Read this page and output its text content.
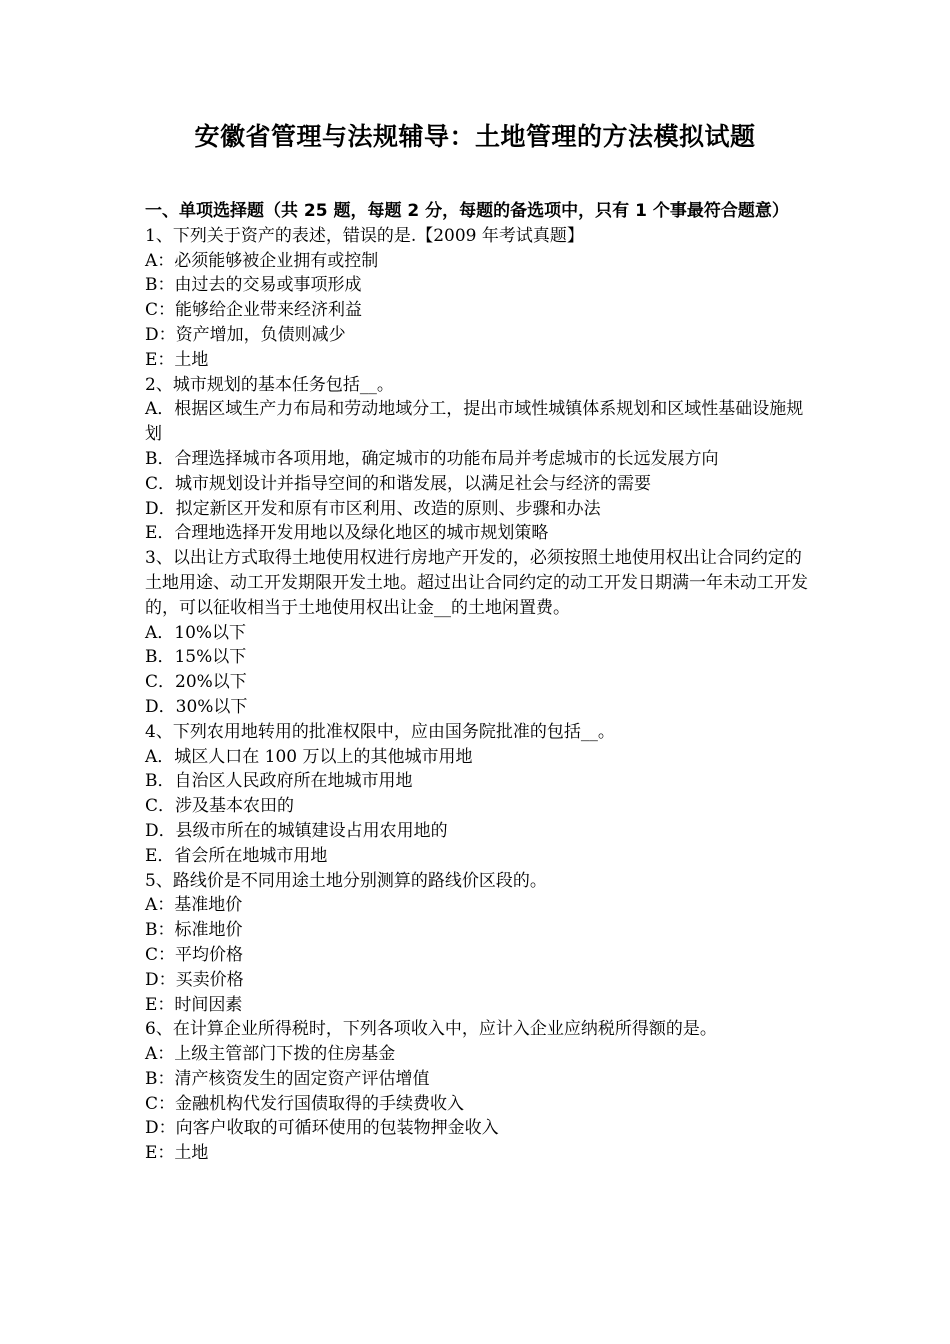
安徽省管理与法规辅导：土地管理的方法模拟试题
一、单项选择题（共 25 题，每题 2 分，每题的备选项中，只有 1 个事最符合题意）
1、下列关于资产的表述，错误的是.【2009 年考试真题】
A：必须能够被企业拥有或控制
B：由过去的交易或事项形成
C：能够给企业带来经济利益
D：资产增加，负债则减少
E：土地
2、城市规划的基本任务包括__。
A．根据区域生产力布局和劳动地域分工，提出市域性城镇体系规划和区域性基础设施规划
B．合理选择城市各项用地，确定城市的功能布局并考虑城市的长远发展方向
C．城市规划设计并指导空间的和谐发展，以满足社会与经济的需要
D．拟定新区开发和原有市区利用、改造的原则、步骤和办法
E．合理地选择开发用地以及绿化地区的城市规划策略
3、以出让方式取得土地使用权进行房地产开发的，必须按照土地使用权出让合同约定的土地用途、动工开发期限开发土地。超过出让合同约定的动工开发日期满一年未动工开发的，可以征收相当于土地使用权出让金__的土地闲置费。
A．10%以下
B．15%以下
C．20%以下
D．30%以下
4、下列农用地转用的批准权限中，应由国务院批准的包括__。
A．城区人口在 100 万以上的其他城市用地
B．自治区人民政府所在地城市用地
C．涉及基本农田的
D．县级市所在的城镇建设占用农用地的
E．省会所在地城市用地
5、路线价是不同用途土地分别测算的路线价区段的。
A：基准地价
B：标准地价
C：平均价格
D：买卖价格
E：时间因素
6、在计算企业所得税时，下列各项收入中，应计入企业应纳税所得额的是。
A：上级主管部门下拨的住房基金
B：清产核资发生的固定资产评估增值
C：金融机构代发行国债取得的手续费收入
D：向客户收取的可循环使用的包装物押金收入
E：土地
